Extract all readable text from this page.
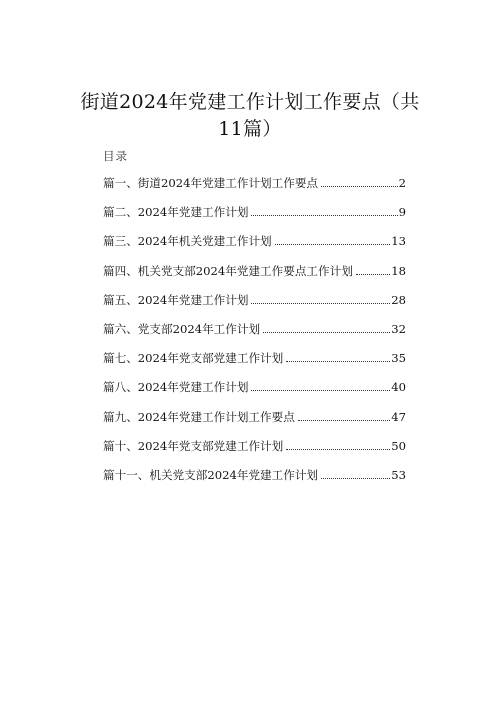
街道2024年党建工作计划工作要点（共11篇）
目录
篇一、街道2024年党建工作计划工作要点	2
篇二、2024年党建工作计划	9
篇三、2024年机关党建工作计划	13
篇四、机关党支部2024年党建工作要点工作计划	18
篇五、2024年党建工作计划	28
篇六、党支部2024年工作计划	32
篇七、2024年党支部党建工作计划	35
篇八、2024年党建工作计划	40
篇九、2024年党建工作计划工作要点	47
篇十、2024年党支部党建工作计划	50
篇十一、机关党支部2024年党建工作计划	53
